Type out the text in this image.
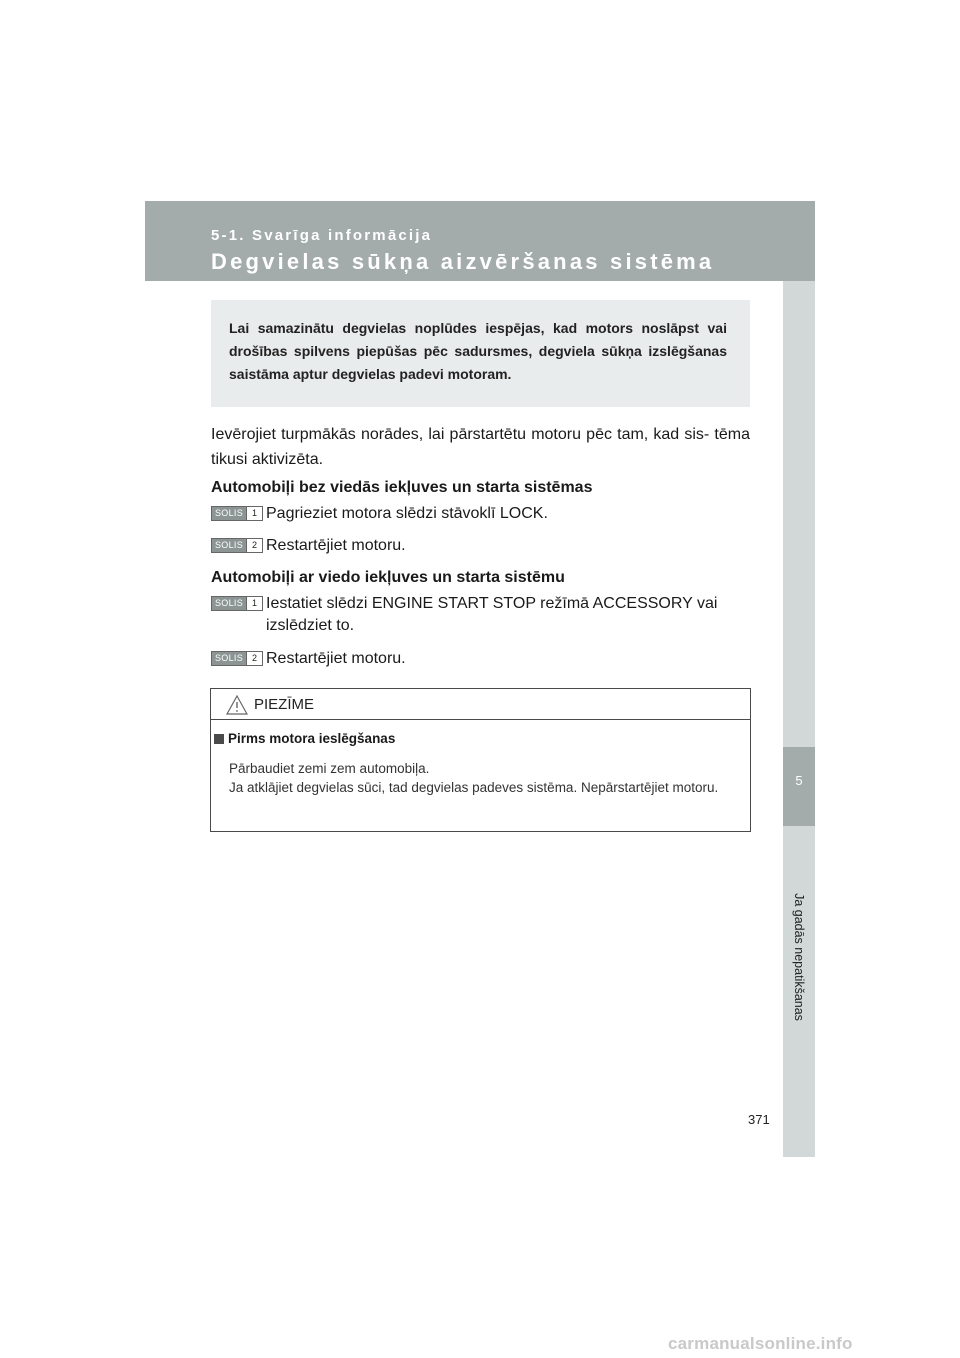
5-1. Svarīga informācija
Degvielas sūkņa aizvēršanas sistēma
5
Ja gadās nepatikšanas
Lai samazinātu degvielas noplūdes iespējas, kad motors noslāpst vai drošības spilvens piepūšas pēc sadursmes, degviela sūkņa izslēgšanas saistāma aptur degvielas padevi motoram.
Ievērojiet turpmākās norādes, lai pārstartētu motoru pēc tam, kad sis- tēma tikusi aktivizēta.
Automobiļi bez viedās iekļuves un starta sistēmas
SOLIS 1 Pagrieziet motora slēdzi stāvoklī LOCK.
SOLIS 2 Restartējiet motoru.
Automobiļi ar viedo iekļuves un starta sistēmu
SOLIS 1 Iestatiet slēdzi ENGINE START STOP režīmā ACCESSORY vai izslēdziet to.
SOLIS 2 Restartējiet motoru.
PIEZĪME
Pirms motora ieslēgšanas

Pārbaudiet zemi zem automobiļa.

Ja atklājiet degvielas sūci, tad degvielas padeves sistēma. Nepārstartējiet motoru.

371
carmanualsonline.info
